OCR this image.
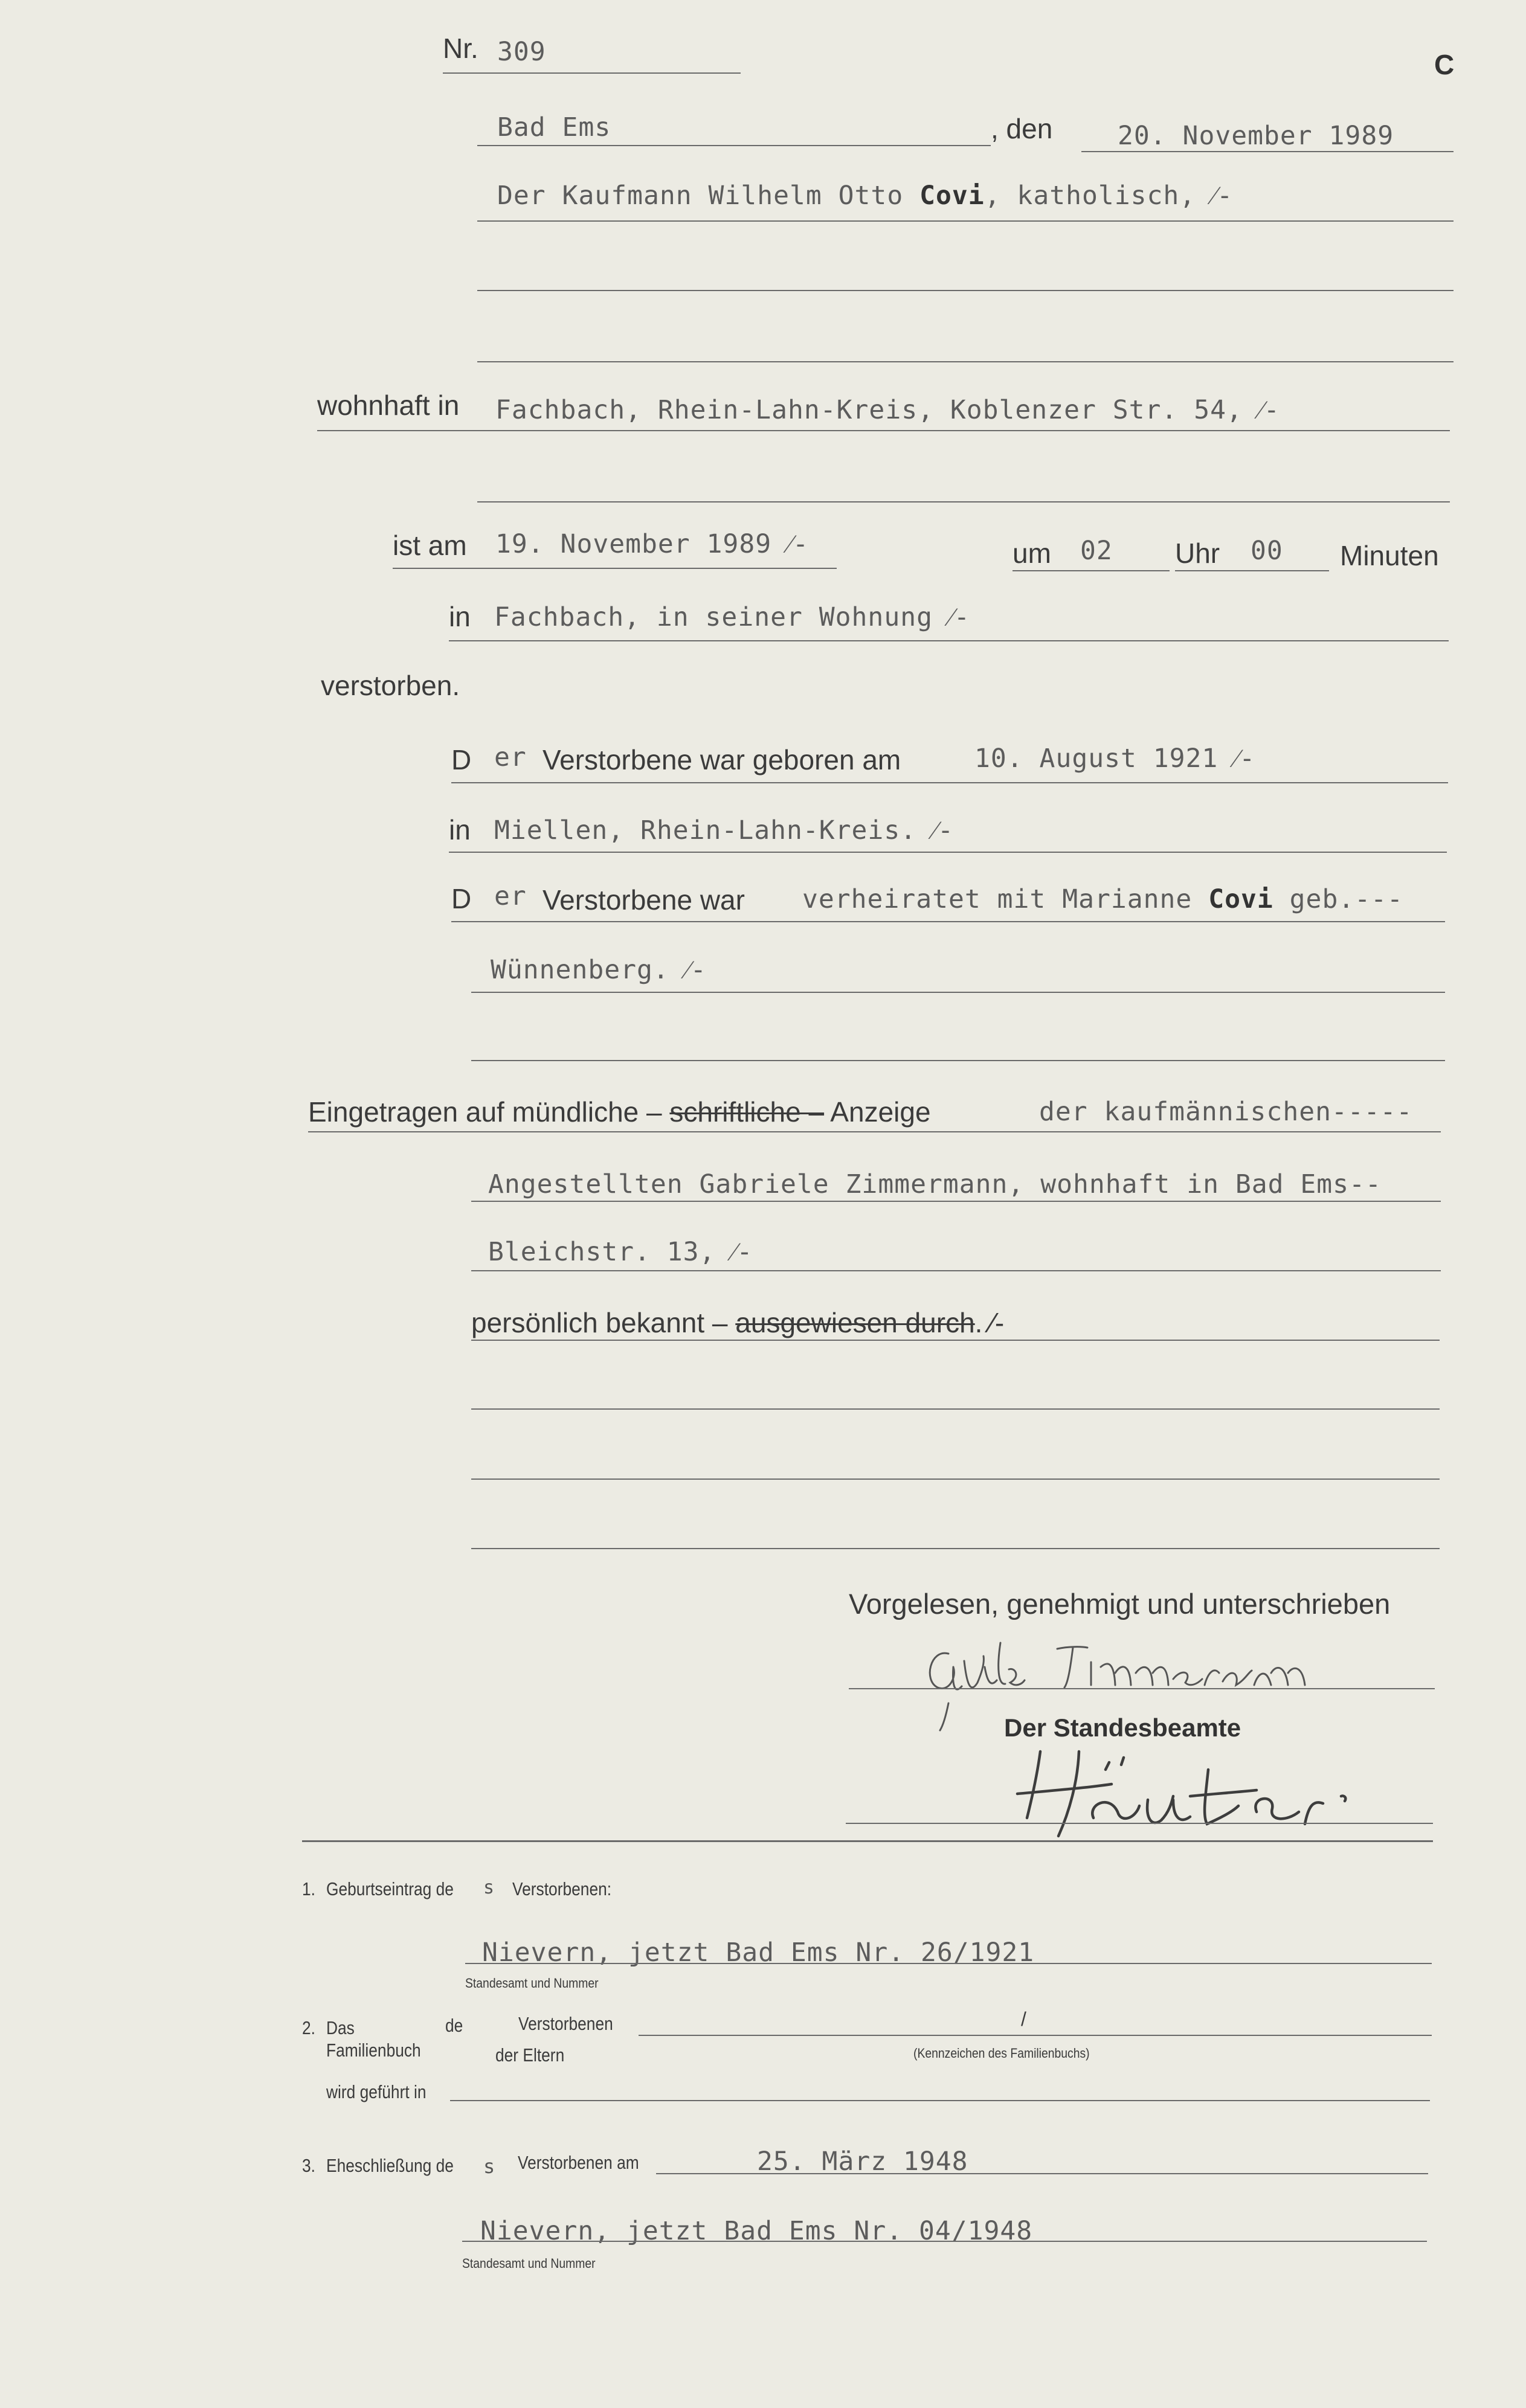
C
Nr. 309
Bad Ems	, den	20. November 1989
Der Kaufmann Wilhelm Otto Covi, katholisch, ⁄-
wohnhaft in Fachbach, Rhein-Lahn-Kreis, Koblenzer Str. 54, ⁄-
ist am 19. November 1989 ⁄-	um 02 Uhr 00 Minuten
in Fachbach, in seiner Wohnung ⁄-
verstorben.
D er Verstorbene war geboren am	10. August 1921 ⁄-
in Miellen, Rhein-Lahn-Kreis. ⁄-
D er Verstorbene war verheiratet mit Marianne Covi geb.---
Wünnenberg. ⁄-
Eingetragen auf mündliche – schriftliche – Anzeige	der kaufmännischen-----
Angestellten Gabriele Zimmermann, wohnhaft in Bad Ems--
Bleichstr. 13, ⁄-
persönlich bekannt – ausgewiesen durch. ⁄-
Vorgelesen, genehmigt und unterschrieben
Der Standesbeamte
1. Geburtseintrag de s Verstorbenen:
Nievern, jetzt Bad Ems Nr. 26/1921
Standesamt und Nummer
2. Das
Familienbuch
de	Verstorbenen	/
der Eltern	(Kennzeichen des Familienbuchs)
wird geführt in
3. Eheschließung de s Verstorbenen am	25. März 1948
Nievern, jetzt Bad Ems Nr. 04/1948
Standesamt und Nummer
